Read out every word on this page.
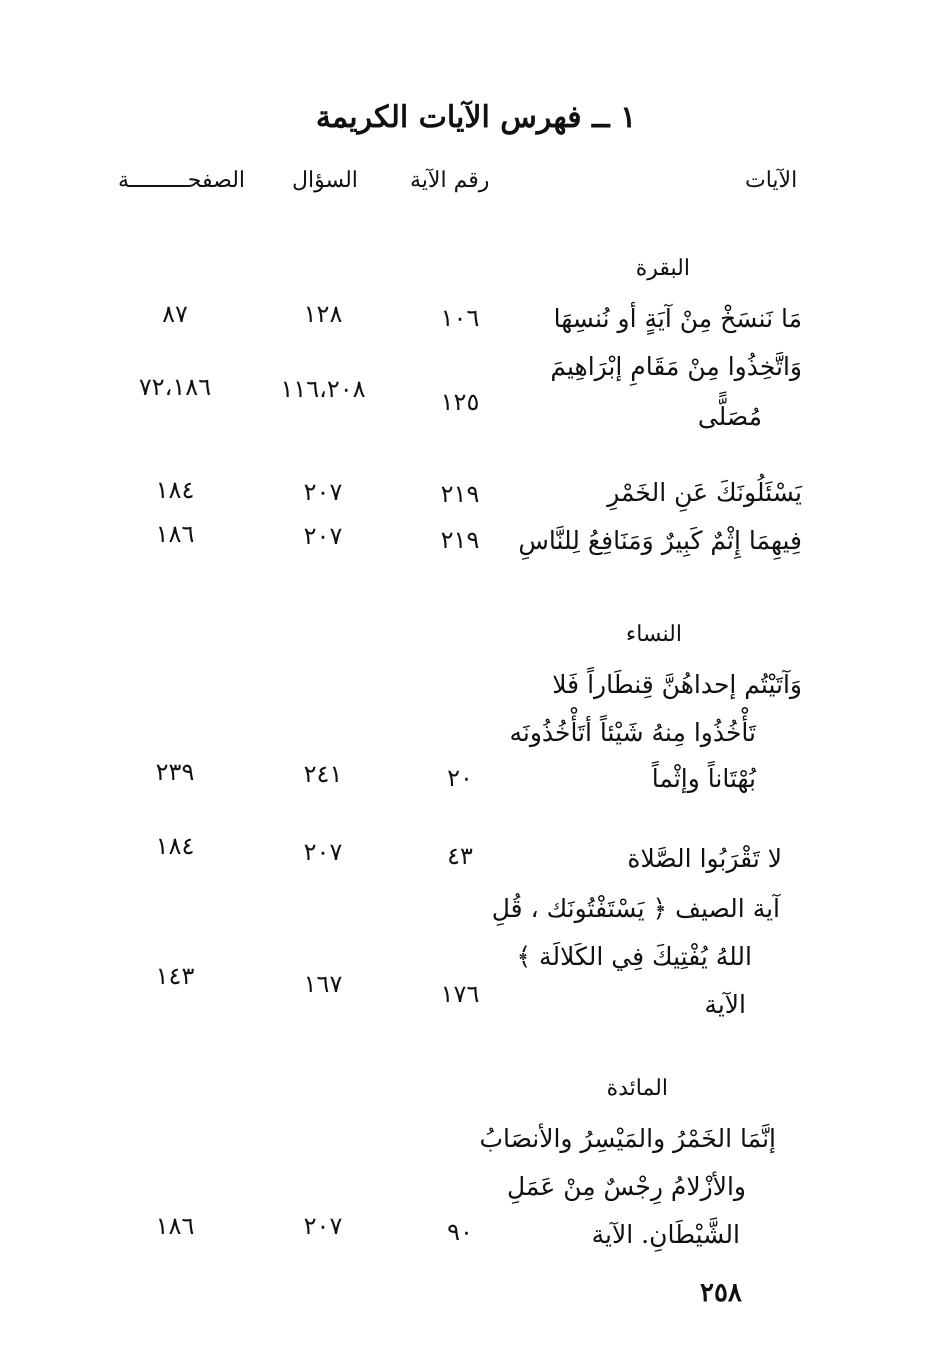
١ ــ فهرس الآيات الكريمة
الآيات
رقم الآية
السؤال
الصفحـــــــــة
البقرة
مَا نَنسَخْ مِنْ آيَةٍ أو نُنسِهَا
١٠٦
١٢٨
٨٧
وَاتَّخِذُوا مِنْ مَقَامِ إبْرَاهِيمَ
مُصَلًّى
١٢٥
١١٦،٢٠٨
٧٢،١٨٦
يَسْئَلُونَكَ عَنِ الخَمْرِ
٢١٩
٢٠٧
١٨٤
فِيهِمَا إِثْمٌ كَبِيرٌ وَمَنَافِعُ لِلنَّاسِ
٢١٩
٢٠٧
١٨٦
النساء
وَآتَيْتُم إحداهُنَّ قِنطَاراً فَلا
تَأْخُذُوا مِنهُ شَيْئاً أتَأْخُذُونَه
بُهْتَاناً وإثْماً
٢٠
٢٤١
٢٣٩
لا تَقْرَبُوا الصَّلاة
٤٣
٢٠٧
١٨٤
آية الصيف ﴿ يَسْتَفْتُونَك ، قُلِ
اللهُ يُفْتِيكَ فِي الكَلالَة ﴾
الآية
١٧٦
١٦٧
١٤٣
المائدة
إنَّمَا الخَمْرُ والمَيْسِرُ والأنصَابُ
والأزْلامُ رِجْسٌ مِنْ عَمَلِ
الشَّيْطَانِ. الآية
٩٠
٢٠٧
١٨٦
٢٥٨
